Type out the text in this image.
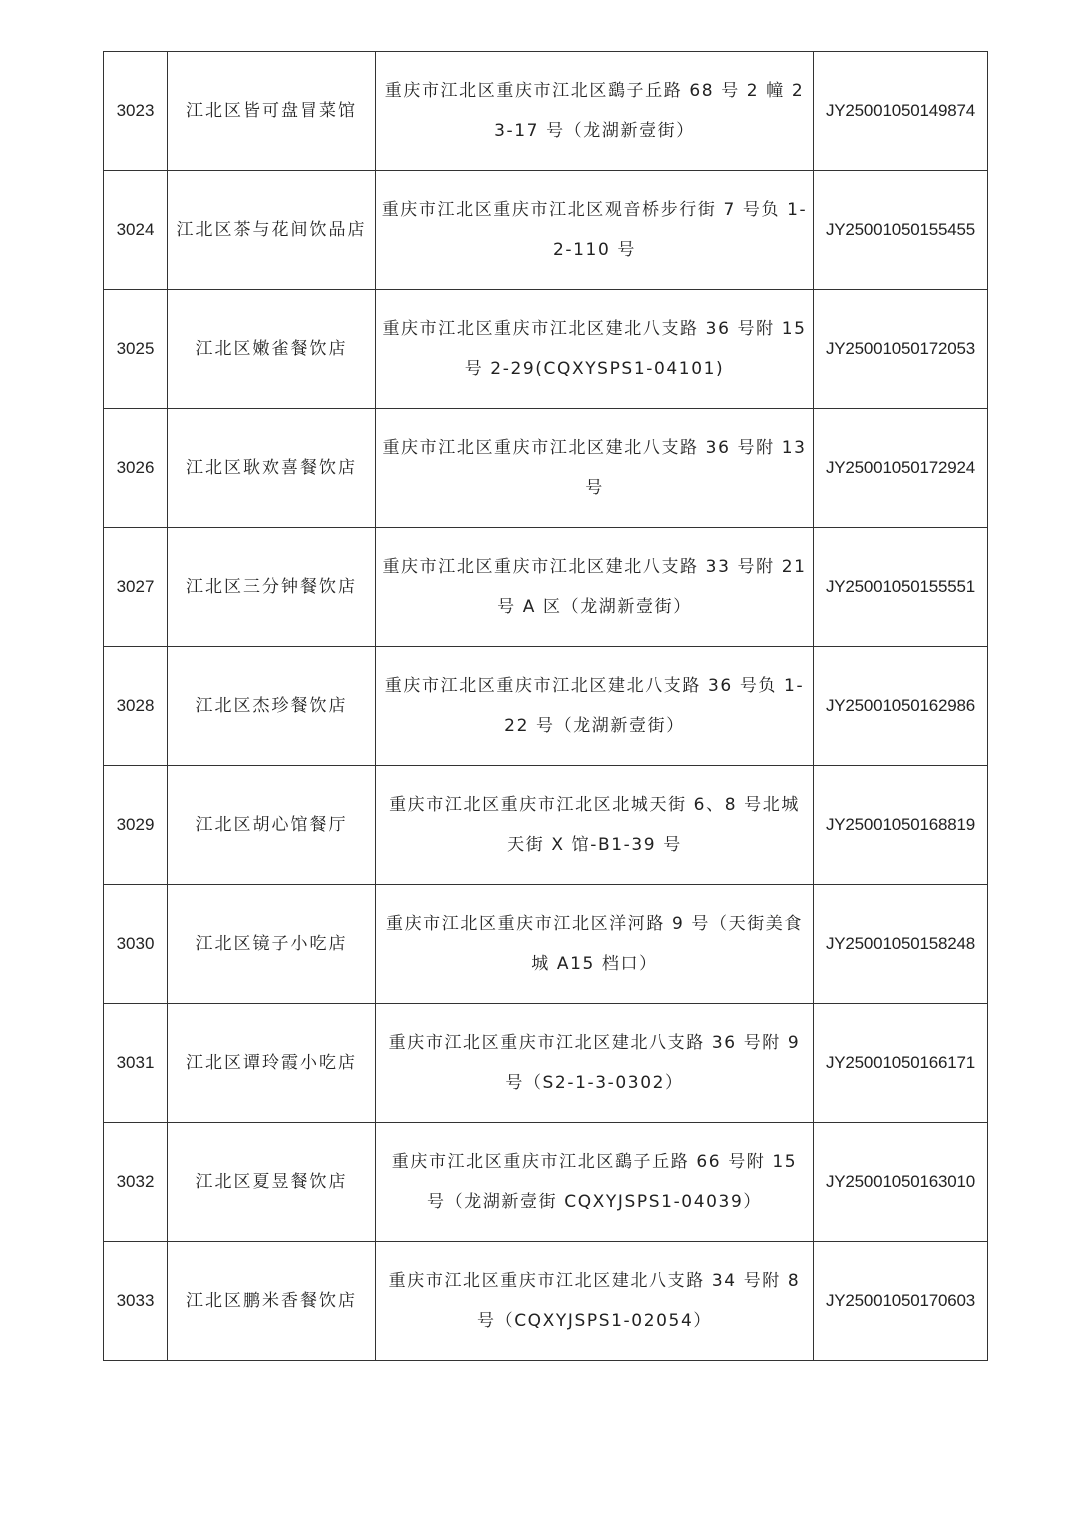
3023	江北区皆可盘冒菜馆	重庆市江北区重庆市江北区鷂子丘路 68 号 2 幢 23-17 号（龙湖新壹街）	JY25001050149874
3024	江北区茶与花间饮品店	重庆市江北区重庆市江北区观音桥步行街 7 号负 1-2-110 号	JY25001050155455
3025	江北区嫩雀餐饮店	重庆市江北区重庆市江北区建北八支路 36 号附 15 号 2-29(CQXYSPS1-04101)	JY25001050172053
3026	江北区耿欢喜餐饮店	重庆市江北区重庆市江北区建北八支路 36 号附 13 号	JY25001050172924
3027	江北区三分钟餐饮店	重庆市江北区重庆市江北区建北八支路 33 号附 21 号 A 区（龙湖新壹街）	JY25001050155551
3028	江北区杰珍餐饮店	重庆市江北区重庆市江北区建北八支路 36 号负 1-22 号（龙湖新壹街）	JY25001050162986
3029	江北区胡心馆餐厅	重庆市江北区重庆市江北区北城天街 6、8 号北城天街 X 馆-B1-39 号	JY25001050168819
3030	江北区镜子小吃店	重庆市江北区重庆市江北区洋河路 9 号（天街美食城 A15 档口）	JY25001050158248
3031	江北区谭玲霞小吃店	重庆市江北区重庆市江北区建北八支路 36 号附 9 号（S2-1-3-0302）	JY25001050166171
3032	江北区夏昱餐饮店	重庆市江北区重庆市江北区鷂子丘路 66 号附 15 号（龙湖新壹街 CQXYJSPS1-04039）	JY25001050163010
3033	江北区鹏米香餐饮店	重庆市江北区重庆市江北区建北八支路 34 号附 8 号（CQXYJSPS1-02054）	JY25001050170603
